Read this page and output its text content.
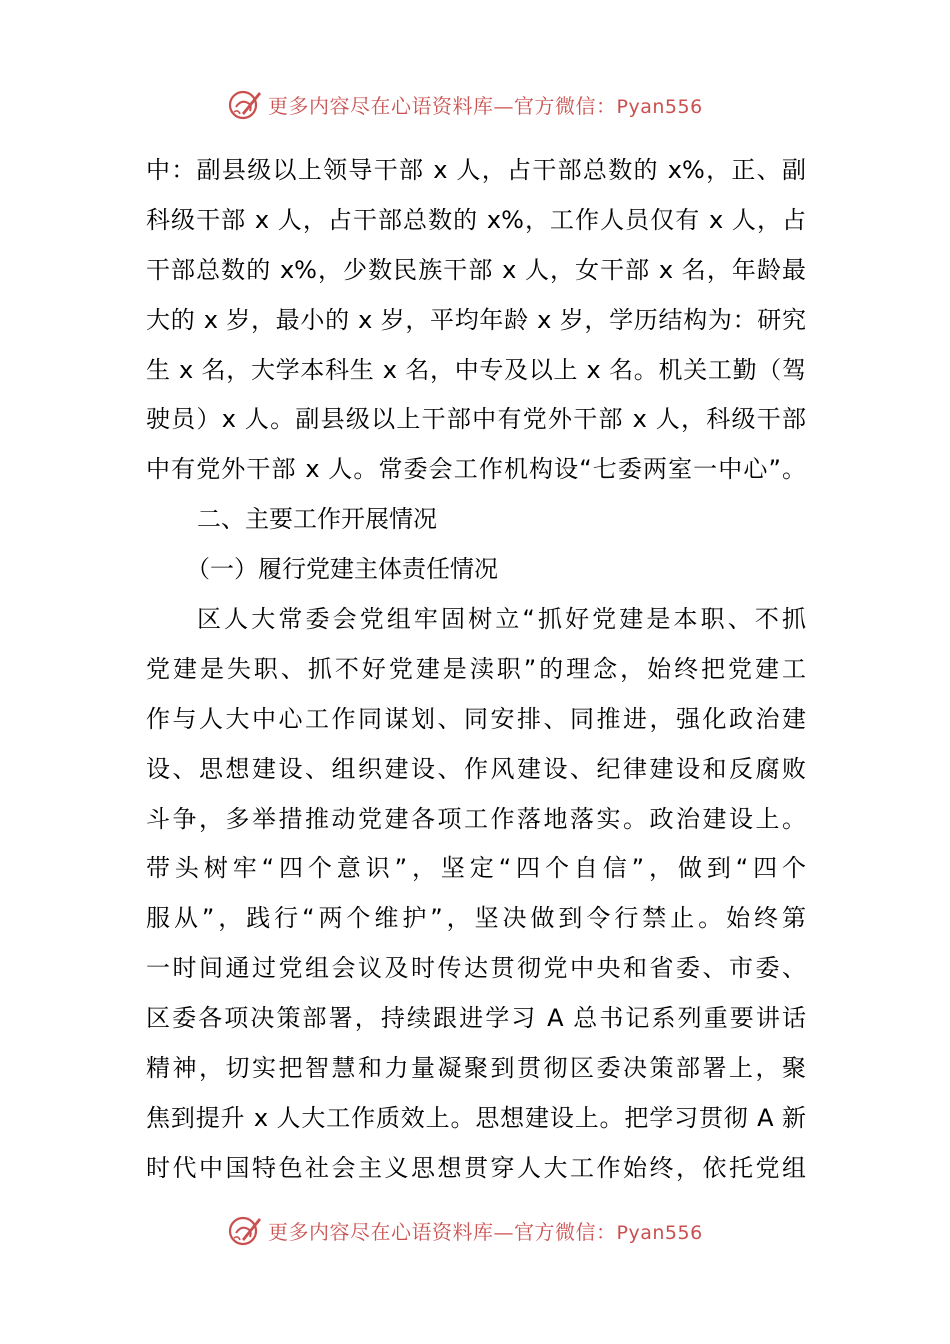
更多内容尽在心语资料库—官方微信：Pyan556
中：副县级以上领导干部 x 人，占干部总数的 x%，正、副
科级干部 x 人，占干部总数的 x%，工作人员仅有 x 人，占
干部总数的 x%，少数民族干部 x 人，女干部 x 名，年龄最
大的 x 岁，最小的 x 岁，平均年龄 x 岁，学历结构为：研究
生 x 名，大学本科生 x 名，中专及以上 x 名。机关工勤（驾
驶员）x 人。副县级以上干部中有党外干部 x 人，科级干部
中有党外干部 x 人。常委会工作机构设“七委两室一中心”。
二、主要工作开展情况
（一）履行党建主体责任情况
区人大常委会党组牢固树立“抓好党建是本职、不抓
党建是失职、抓不好党建是渎职”的理念，始终把党建工
作与人大中心工作同谋划、同安排、同推进，强化政治建
设、思想建设、组织建设、作风建设、纪律建设和反腐败
斗争，多举措推动党建各项工作落地落实。政治建设上。
带头树牢“四个意识”，坚定“四个自信”，做到“四个
服从”，践行“两个维护”，坚决做到令行禁止。始终第
一时间通过党组会议及时传达贯彻党中央和省委、市委、
区委各项决策部署，持续跟进学习 A 总书记系列重要讲话
精神，切实把智慧和力量凝聚到贯彻区委决策部署上，聚
焦到提升 x 人大工作质效上。思想建设上。把学习贯彻 A 新
时代中国特色社会主义思想贯穿人大工作始终，依托党组
更多内容尽在心语资料库—官方微信：Pyan556
